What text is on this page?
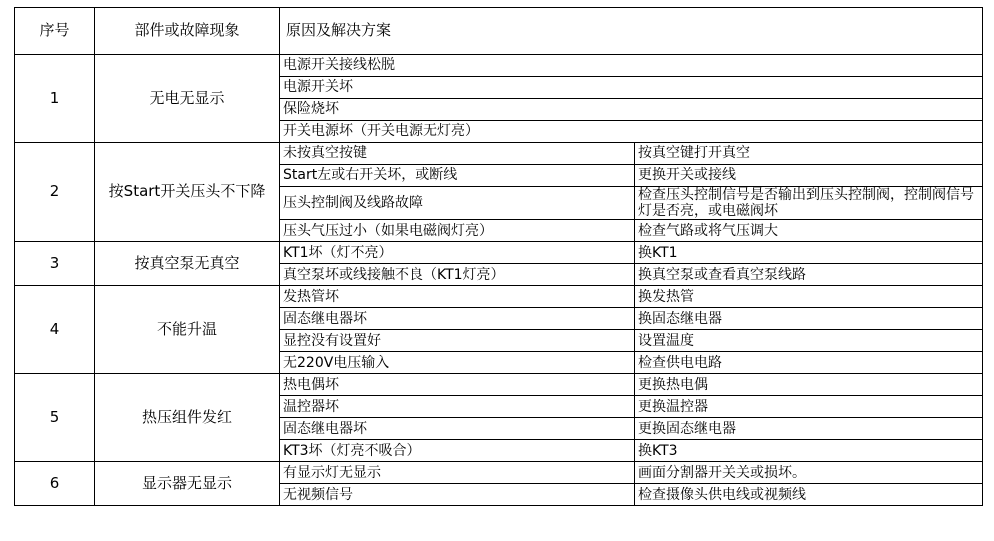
序号	部件或故障现象	原因及解决方案	
1	无电无显示	电源开关接线松脱	
		电源开关坏	
		保险烧坏	
		开关电源坏（开关电源无灯亮）	
2	按Start开关压头不下降	未按真空按键	按真空键打开真空
		Start左或右开关坏，或断线	更换开关或接线
		压头控制阀及线路故障	检查压头控制信号是否输出到压头控制阀，控制阀信号灯是否亮，或电磁阀坏
		压头气压过小（如果电磁阀灯亮）	检查气路或将气压调大
3	按真空泵无真空	KT1坏（灯不亮）	换KT1
		真空泵坏或线接触不良（KT1灯亮）	换真空泵或查看真空泵线路
4	不能升温	发热管坏	换发热管
		固态继电器坏	换固态继电器
		显控没有设置好	设置温度
		无220V电压输入	检查供电电路
5	热压组件发红	热电偶坏	更换热电偶
		温控器坏	更换温控器
		固态继电器坏	更换固态继电器
		KT3坏（灯亮不吸合）	换KT3
6	显示器无显示	有显示灯无显示	画面分割器开关关或损坏。
		无视频信号	检查摄像头供电线或视频线
